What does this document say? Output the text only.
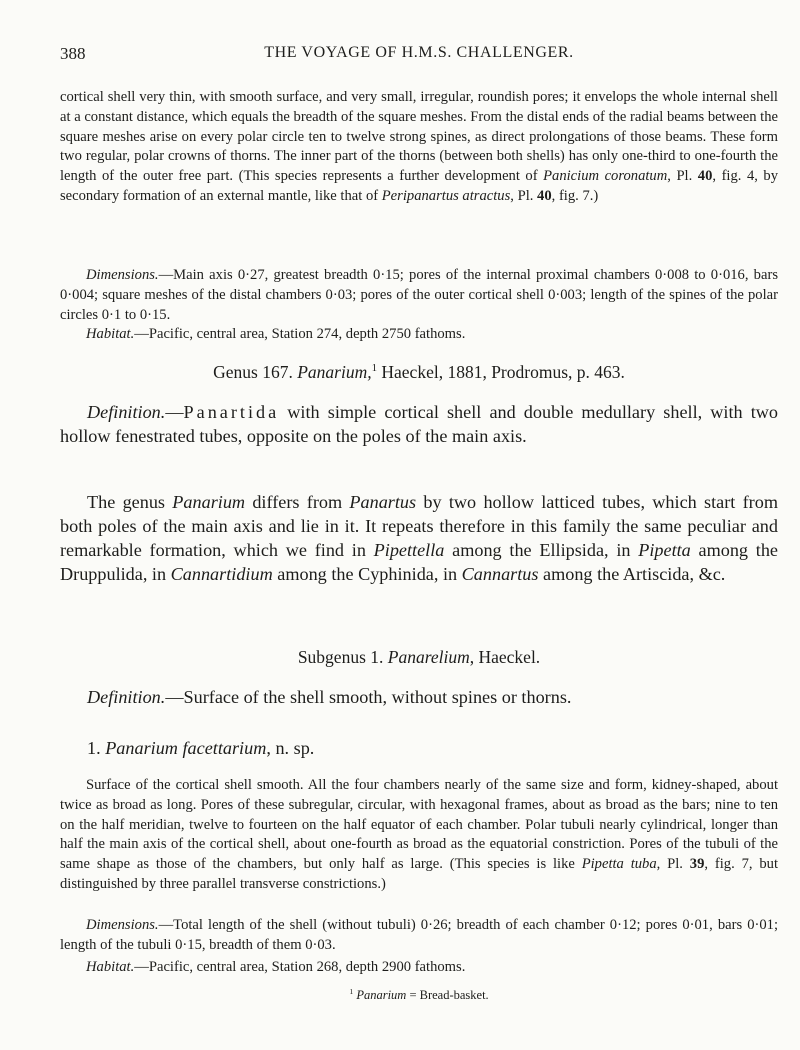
388	THE VOYAGE OF H.M.S. CHALLENGER.

cortical shell very thin, with smooth surface, and very small, irregular, roundish pores; it envelops the whole internal shell at a constant distance, which equals the breadth of the square meshes. From the distal ends of the radial beams between the square meshes arise on every polar circle ten to twelve strong spines, as direct prolongations of those beams. These form two regular, polar crowns of thorns. The inner part of the thorns (between both shells) has only one-third to one-fourth the length of the outer free part. (This species represents a further development of Panicium coronatum, Pl. 40, fig. 4, by secondary formation of an external mantle, like that of Peripanartus atractus, Pl. 40, fig. 7.)

Dimensions.—Main axis 0·27, greatest breadth 0·15; pores of the internal proximal chambers 0·008 to 0·016, bars 0·004; square meshes of the distal chambers 0·03; pores of the outer cortical shell 0·003; length of the spines of the polar circles 0·1 to 0·15.

Habitat.—Pacific, central area, Station 274, depth 2750 fathoms.

Genus 167. Panarium,$^1$ Haeckel, 1881, Prodromus, p. 463.

Definition.—Panartida with simple cortical shell and double medullary shell, with two hollow fenestrated tubes, opposite on the poles of the main axis.

The genus Panarium differs from Panartus by two hollow latticed tubes, which start from both poles of the main axis and lie in it. It repeats therefore in this family the same peculiar and remarkable formation, which we find in Pipettella among the Ellipsida, in Pipetta among the Druppulida, in Cannartidium among the Cyphinida, in Cannartus among the Artiscida, &c.

Subgenus 1. Panarelium, Haeckel.

Definition.—Surface of the shell smooth, without spines or thorns.

1. Panarium facettarium, n. sp.

Surface of the cortical shell smooth. All the four chambers nearly of the same size and form, kidney-shaped, about twice as broad as long. Pores of these subregular, circular, with hexagonal frames, about as broad as the bars; nine to ten on the half meridian, twelve to fourteen on the half equator of each chamber. Polar tubuli nearly cylindrical, longer than half the main axis of the cortical shell, about one-fourth as broad as the equatorial constriction. Pores of the tubuli of the same shape as those of the chambers, but only half as large. (This species is like Pipetta tuba, Pl. 39, fig. 7, but distinguished by three parallel transverse constrictions.)

Dimensions.—Total length of the shell (without tubuli) 0·26; breadth of each chamber 0·12; pores 0·01, bars 0·01; length of the tubuli 0·15, breadth of them 0·03.

Habitat.—Pacific, central area, Station 268, depth 2900 fathoms.

$^1$ Panarium = Bread-basket.
